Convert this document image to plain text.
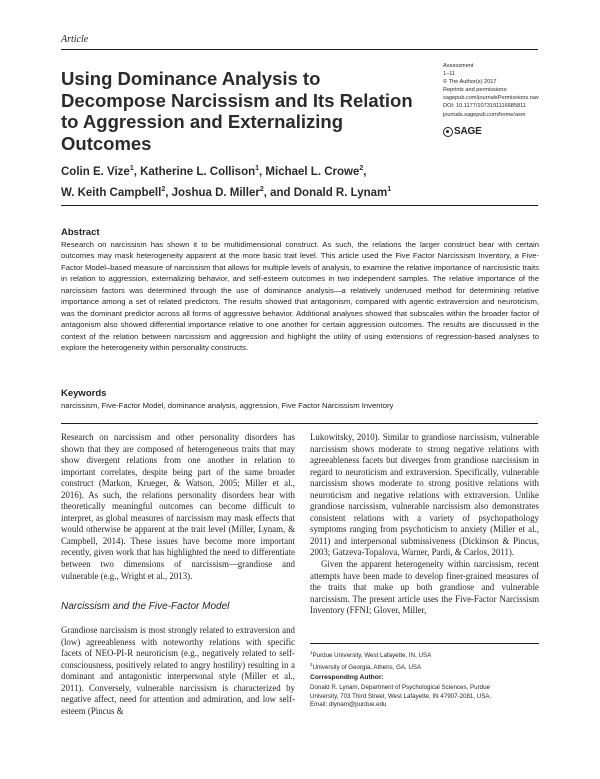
Article
Using Dominance Analysis to Decompose Narcissism and Its Relation to Aggression and Externalizing Outcomes
Assessment
1–11
© The Author(s) 2017
Reprints and permissions:
sagepub.com/journalsPermissions.nav
DOI: 10.1177/1073191116685811
journals.sagepub.com/home/asm
SAGE
Colin E. Vize$^1$, Katherine L. Collison$^1$, Michael L. Crowe$^2$,
W. Keith Campbell$^2$, Joshua D. Miller$^2$, and Donald R. Lynam$^1$
Abstract
Research on narcissism has shown it to be multidimensional construct. As such, the relations the larger construct bear with certain outcomes may mask heterogeneity apparent at the more basic trait level. This article used the Five Factor Narcissism Inventory, a Five-Factor Model–based measure of narcissism that allows for multiple levels of analysis, to examine the relative importance of narcissistic traits in relation to aggression, externalizing behavior, and self-esteem outcomes in two independent samples. The relative importance of the narcissism factors was determined through the use of dominance analysis—a relatively underused method for determining relative importance among a set of related predictors. The results showed that antagonism, compared with agentic extraversion and neuroticism, was the dominant predictor across all forms of aggressive behavior. Additional analyses showed that subscales within the broader factor of antagonism also showed differential importance relative to one another for certain aggression outcomes. The results are discussed in the context of the relation between narcissism and aggression and highlight the utility of using extensions of regression-based analyses to explore the heterogeneity within personality constructs.
Keywords
narcissism, Five-Factor Model, dominance analysis, aggression, Five Factor Narcissism Inventory

Research on narcissism and other personality disorders has shown that they are composed of heterogeneous traits that may show divergent relations from one another in relation to important correlates, despite being part of the same broader construct (Markon, Krueger, & Watson, 2005; Miller et al., 2016). As such, the relations personality disorders bear with theoretically meaningful outcomes can become difficult to interpret, as global measures of narcissism may mask effects that would otherwise be apparent at the trait level (Miller, Lynam, & Campbell, 2014). These issues have become more important recently, given work that has highlighted the need to differentiate between two dimensions of narcissism—grandiose and vulnerable (e.g., Wright et al., 2013).

Narcissism and the Five-Factor Model

Grandiose narcissism is most strongly related to extraversion and (low) agreeableness with noteworthy relations with specific facets of NEO-PI-R neuroticism (e.g., negatively related to self-consciousness, positively related to angry hostility) resulting in a dominant and antagonistic interpersonal style (Miller et al., 2011). Conversely, vulnerable narcissism is characterized by negative affect, need for attention and admiration, and low self-esteem (Pincus &

Lukowitsky, 2010). Similar to grandiose narcissism, vulnerable narcissism shows moderate to strong negative relations with agreeableness facets but diverges from grandiose narcissism in regard to neuroticism and extraversion. Specifically, vulnerable narcissism shows moderate to strong positive relations with neuroticism and negative relations with extraversion. Unlike grandiose narcissism, vulnerable narcissism also demonstrates consistent relations with a variety of psychopathology symptoms ranging from psychoticism to anxiety (Miller et al., 2011) and interpersonal submissiveness (Dickinson & Pincus, 2003; Gatzeva-Topalova, Warner, Pardi, & Carlos, 2011).

Given the apparent heterogeneity within narcissism, recent attempts have been made to develop finer-grained measures of the traits that make up both grandiose and vulnerable narcissism. The present article uses the Five-Factor Narcissism Inventory (FFNI; Glover, Miller,

$^1$Purdue University, West Lafayette, IN, USA
$^2$University of Georgia, Athens, GA, USA
Corresponding Author:
Donald R. Lynam, Department of Psychological Sciences, Purdue
University, 703 Third Street, West Lafayette, IN 47907-2081, USA.
Email: dlynam@purdue.edu
